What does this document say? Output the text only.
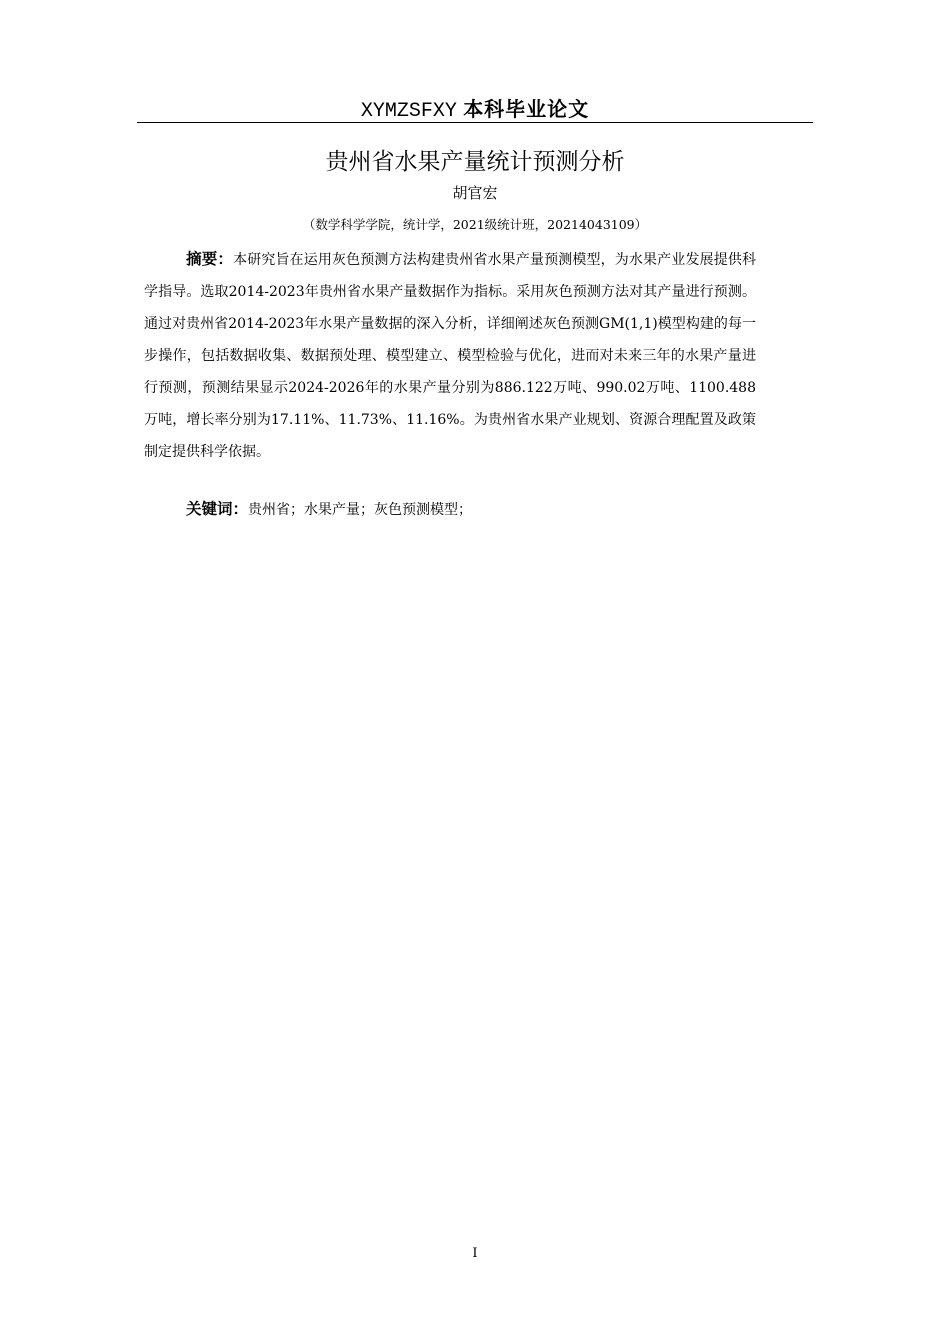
XYMZSFXY 本科毕业论文
贵州省水果产量统计预测分析
胡官宏
（数学科学学院，统计学，2021级统计班，20214043109）

摘要：本研究旨在运用灰色预测方法构建贵州省水果产量预测模型，为水果产业发展提供科学指导。选取2014-2023年贵州省水果产量数据作为指标。采用灰色预测方法对其产量进行预测。通过对贵州省2014-2023年水果产量数据的深入分析，详细阐述灰色预测GM(1,1)模型构建的每一步操作，包括数据收集、数据预处理、模型建立、模型检验与优化，进而对未来三年的水果产量进行预测，预测结果显示2024-2026年的水果产量分别为886.122万吨、990.02万吨、1100.488万吨，增长率分别为17.11%、11.73%、11.16%。为贵州省水果产业规划、资源合理配置及政策制定提供科学依据。

关键词：贵州省；水果产量；灰色预测模型；

I
